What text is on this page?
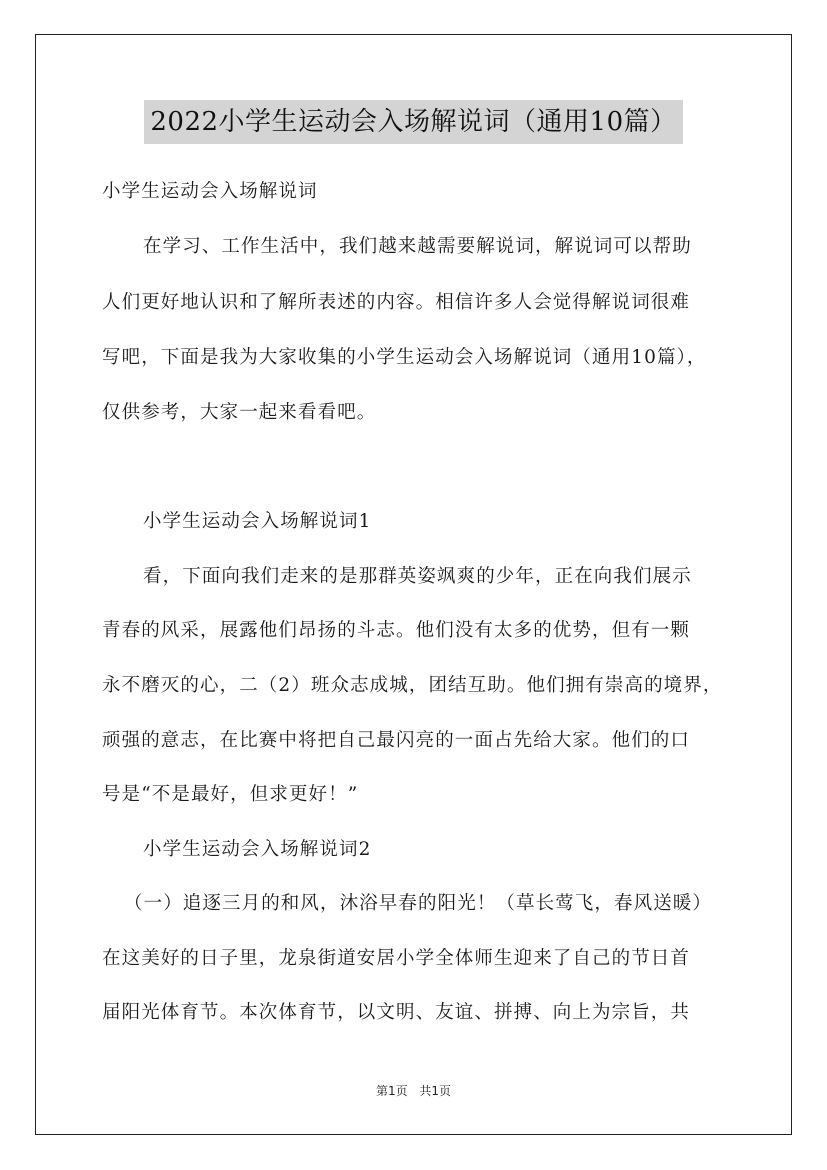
2022小学生运动会入场解说词（通用10篇）
小学生运动会入场解说词
在学习、工作生活中，我们越来越需要解说词，解说词可以帮助
人们更好地认识和了解所表述的内容。相信许多人会觉得解说词很难
写吧，下面是我为大家收集的小学生运动会入场解说词（通用10篇），
仅供参考，大家一起来看看吧。
小学生运动会入场解说词1
看，下面向我们走来的是那群英姿飒爽的少年，正在向我们展示
青春的风采，展露他们昂扬的斗志。他们没有太多的优势，但有一颗
永不磨灭的心，二（2）班众志成城，团结互助。他们拥有崇高的境界，
顽强的意志，在比赛中将把自己最闪亮的一面占先给大家。他们的口
号是“不是最好，但求更好！”
小学生运动会入场解说词2
（一）追逐三月的和风，沐浴早春的阳光！（草长莺飞，春风送暖）
在这美好的日子里，龙泉街道安居小学全体师生迎来了自己的节日首
届阳光体育节。本次体育节，以文明、友谊、拼搏、向上为宗旨，共
第1页 共1页
